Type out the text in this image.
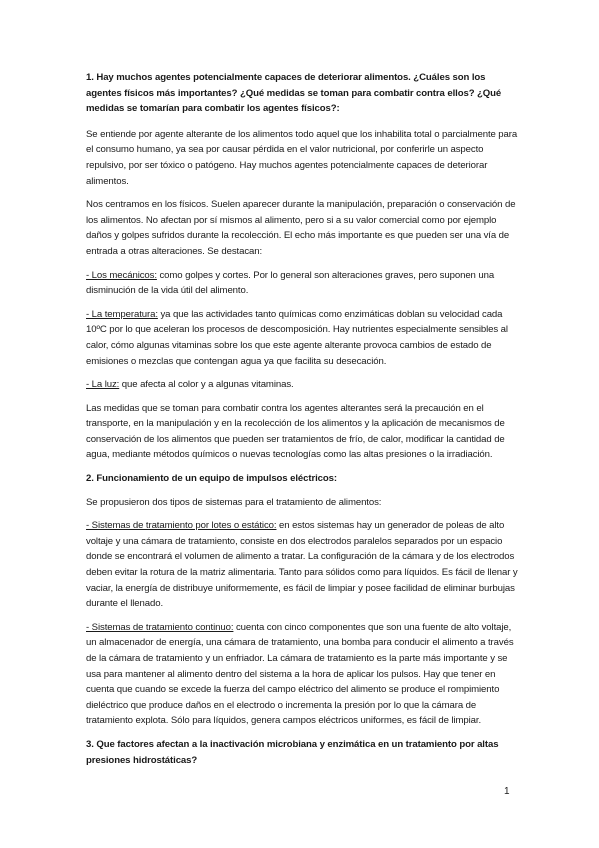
1. Hay muchos agentes potencialmente capaces de deteriorar alimentos. ¿Cuáles son los agentes físicos más importantes? ¿Qué medidas se toman para combatir contra ellos? ¿Qué medidas se tomarían para combatir los agentes físicos?:

Se entiende por agente alterante de los alimentos todo aquel que los inhabilita total o parcialmente para el consumo humano, ya sea por causar pérdida en el valor nutricional, por conferirle un aspecto repulsivo, por ser tóxico o patógeno. Hay muchos agentes potencialmente capaces de deteriorar alimentos.

Nos centramos en los físicos. Suelen aparecer durante la manipulación, preparación o conservación de los alimentos. No afectan por sí mismos al alimento, pero si a su valor comercial como por ejemplo daños y golpes sufridos durante la recolección. El echo más importante es que pueden ser una vía de entrada a otras alteraciones. Se destacan:

- Los mecánicos: como golpes y cortes. Por lo general son alteraciones graves, pero suponen una disminución de la vida útil del alimento.

- La temperatura: ya que las actividades tanto químicas como enzimáticas doblan su velocidad cada 10ºC por lo que aceleran los procesos de descomposición. Hay nutrientes especialmente sensibles al calor, cómo algunas vitaminas sobre los que este agente alterante provoca cambios de estado de emisiones o mezclas que contengan agua ya que facilita su desecación.

- La luz: que afecta al color y a algunas vitaminas.

Las medidas que se toman para combatir contra los agentes alterantes será la precaución en el transporte, en la manipulación y en la recolección de los alimentos y la aplicación de mecanismos de conservación de los alimentos que pueden ser tratamientos de frío, de calor, modificar la cantidad de agua, mediante métodos químicos o nuevas tecnologías como las altas presiones o la irradiación.

2. Funcionamiento de un equipo de impulsos eléctricos:

Se propusieron dos tipos de sistemas para el tratamiento de alimentos:

- Sistemas de tratamiento por lotes o estático: en estos sistemas hay un generador de poleas de alto voltaje y una cámara de tratamiento, consiste en dos electrodos paralelos separados por un espacio donde se encontrará el volumen de alimento a tratar. La configuración de la cámara y de los electrodos deben evitar la rotura de la matriz alimentaria. Tanto para sólidos como para líquidos. Es fácil de llenar y vaciar, la energía de distribuye uniformemente, es fácil de limpiar y posee facilidad de eliminar burbujas durante el llenado.

- Sistemas de tratamiento continuo: cuenta con cinco componentes que son una fuente de alto voltaje, un almacenador de energía, una cámara de tratamiento, una bomba para conducir el alimento a través de la cámara de tratamiento y un enfriador. La cámara de tratamiento es la parte más importante y se usa para mantener al alimento dentro del sistema a la hora de aplicar los pulsos. Hay que tener en cuenta que cuando se excede la fuerza del campo eléctrico del alimento se produce el rompimiento dieléctrico que produce daños en el electrodo o incrementa la presión por lo que la cámara de tratamiento explota. Sólo para líquidos, genera campos eléctricos uniformes, es fácil de limpiar.

3. Que factores afectan a la inactivación microbiana y enzimática en un tratamiento por altas presiones hidrostáticas?

1
